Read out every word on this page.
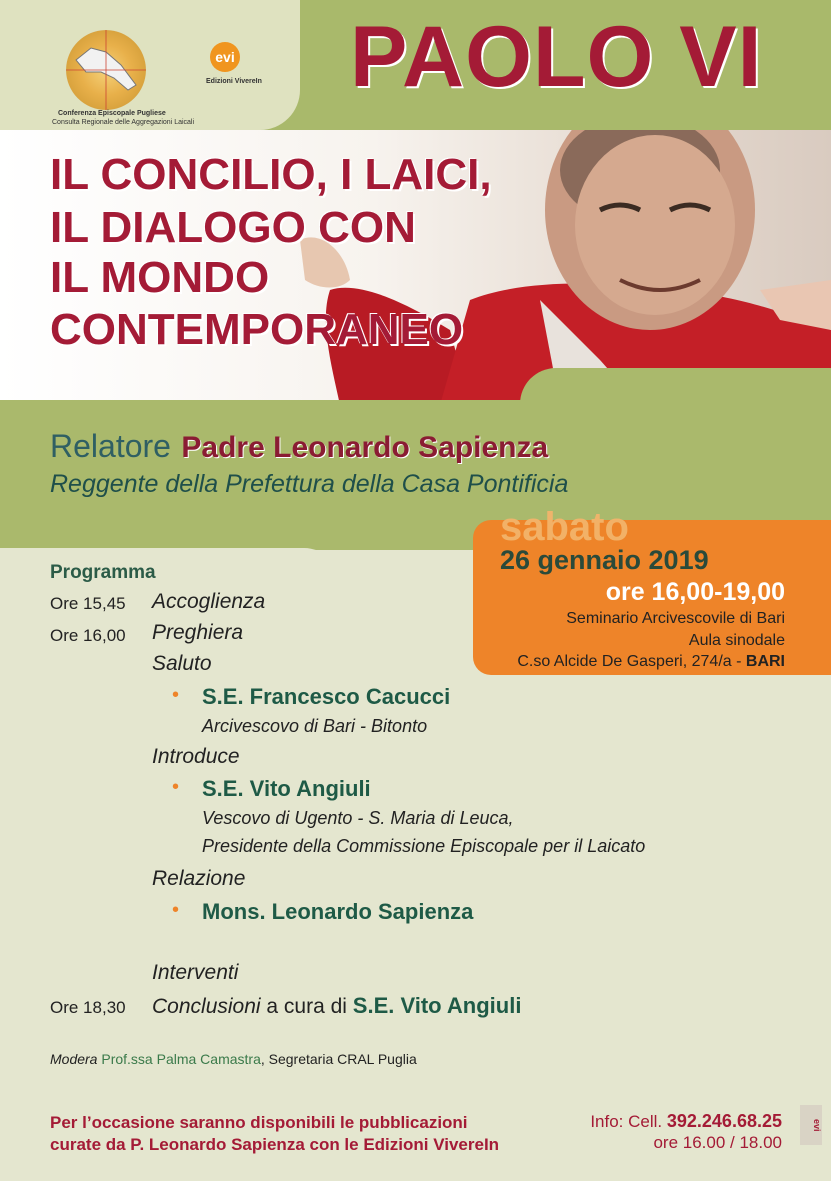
Conferenza Episcopale Pugliese
Consulta Regionale delle Aggregazioni Laicali
evi
Edizioni VivereIn PAOLO VI
IL CONCILIO, I LAICI,
IL DIALOGO CON
IL MONDO
CONTEMPORANEO
Relatore Padre Leonardo Sapienza
Reggente della Prefettura della Casa Pontificia
sabato
26 gennaio 2019
ore 16,00-19,00
Seminario Arcivescovile di Bari
Aula sinodale
C.so Alcide De Gasperi, 274/a - BARI
Programma
Ore 15,45 Accoglienza
Ore 16,00 Preghiera
Saluto
• S.E. Francesco Cacucci
Arcivescovo di Bari - Bitonto
Introduce
• S.E. Vito Angiuli
Vescovo di Ugento - S. Maria di Leuca,
Presidente della Commissione Episcopale per il Laicato
Relazione
• Mons. Leonardo Sapienza
Interventi
Ore 18,30 Conclusioni a cura di S.E. Vito Angiuli
Modera Prof.ssa Palma Camastra, Segretaria CRAL Puglia
Per l’occasione saranno disponibili le pubblicazioni
curate da P. Leonardo Sapienza con le Edizioni VivereIn
Info: Cell. 392.246.68.25
ore 16.00 / 18.00
evi
